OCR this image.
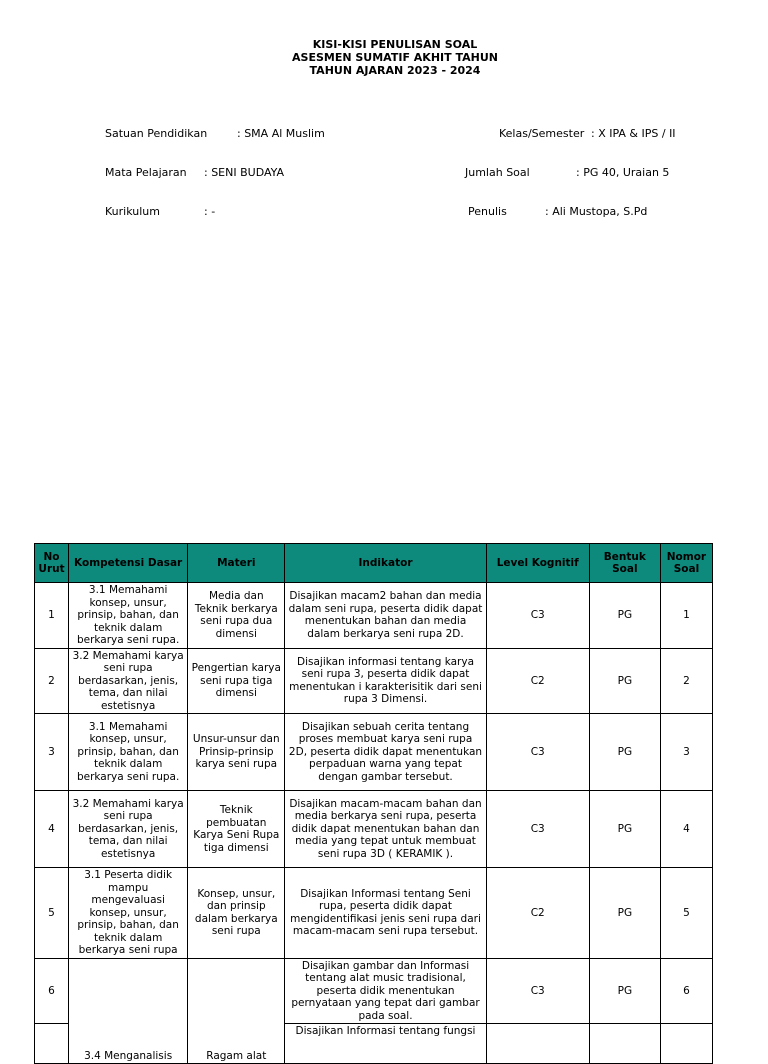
KISI-KISI PENULISAN SOAL
ASESMEN SUMATIF AKHIT TAHUN
TAHUN AJARAN 2023 - 2024

Satuan Pendidikan	: SMA Al Muslim

Mata Pelajaran : SENI BUDAYA

Kurikulum	: -

Kelas/Semester : X IPA & IPS / II

Jumlah Soal	: PG 40, Uraian 5

Penulis	: Ali Mustopa, S.Pd

No Urut	Kompetensi Dasar	Materi	Indikator	Level Kognitif	Bentuk Soal	Nomor Soal
1	3.1 Memahami konsep, unsur, prinsip, bahan, dan teknik dalam berkarya seni rupa.	Media dan Teknik berkarya seni rupa dua dimensi	Disajikan macam2 bahan dan media dalam seni rupa, peserta didik dapat menentukan bahan dan media dalam berkarya seni rupa 2D.	C3	PG	1
2	3.2 Memahami karya seni rupa berdasarkan, jenis, tema, dan nilai estetisnya	Pengertian karya seni rupa tiga dimensi	Disajikan informasi tentang karya seni rupa 3, peserta didik dapat menentukan i karakterisitik dari seni rupa 3 Dimensi.	C2	PG	2
3	3.1 Memahami konsep, unsur, prinsip, bahan, dan teknik dalam berkarya seni rupa.	Unsur-unsur dan Prinsip-prinsip karya seni rupa	Disajikan sebuah cerita tentang proses membuat karya seni rupa 2D, peserta didik dapat menentukan perpaduan warna yang tepat dengan gambar tersebut.	C3	PG	3
4	3.2 Memahami karya seni rupa berdasarkan, jenis, tema, dan nilai estetisnya	Teknik pembuatan Karya Seni Rupa tiga dimensi	Disajikan macam-macam bahan dan media berkarya seni rupa, peserta didik dapat menentukan bahan dan media yang tepat untuk membuat seni rupa 3D ( KERAMIK ).	C3	PG	4
5	3.1 Peserta didik mampu mengevaluasi konsep, unsur, prinsip, bahan, dan teknik dalam berkarya seni rupa	Konsep, unsur, dan prinsip dalam berkarya seni rupa	Disajikan Informasi tentang Seni rupa, peserta didik dapat mengidentifikasi jenis seni rupa dari macam-macam seni rupa tersebut.	C2	PG	5
6	3.4 Menganalisis	Ragam alat	Disajikan gambar dan Informasi tentang alat music tradisional, peserta didik menentukan pernyataan yang tepat dari gambar pada soal.	C3	PG	6
			Disajikan Informasi tentang fungsi			
